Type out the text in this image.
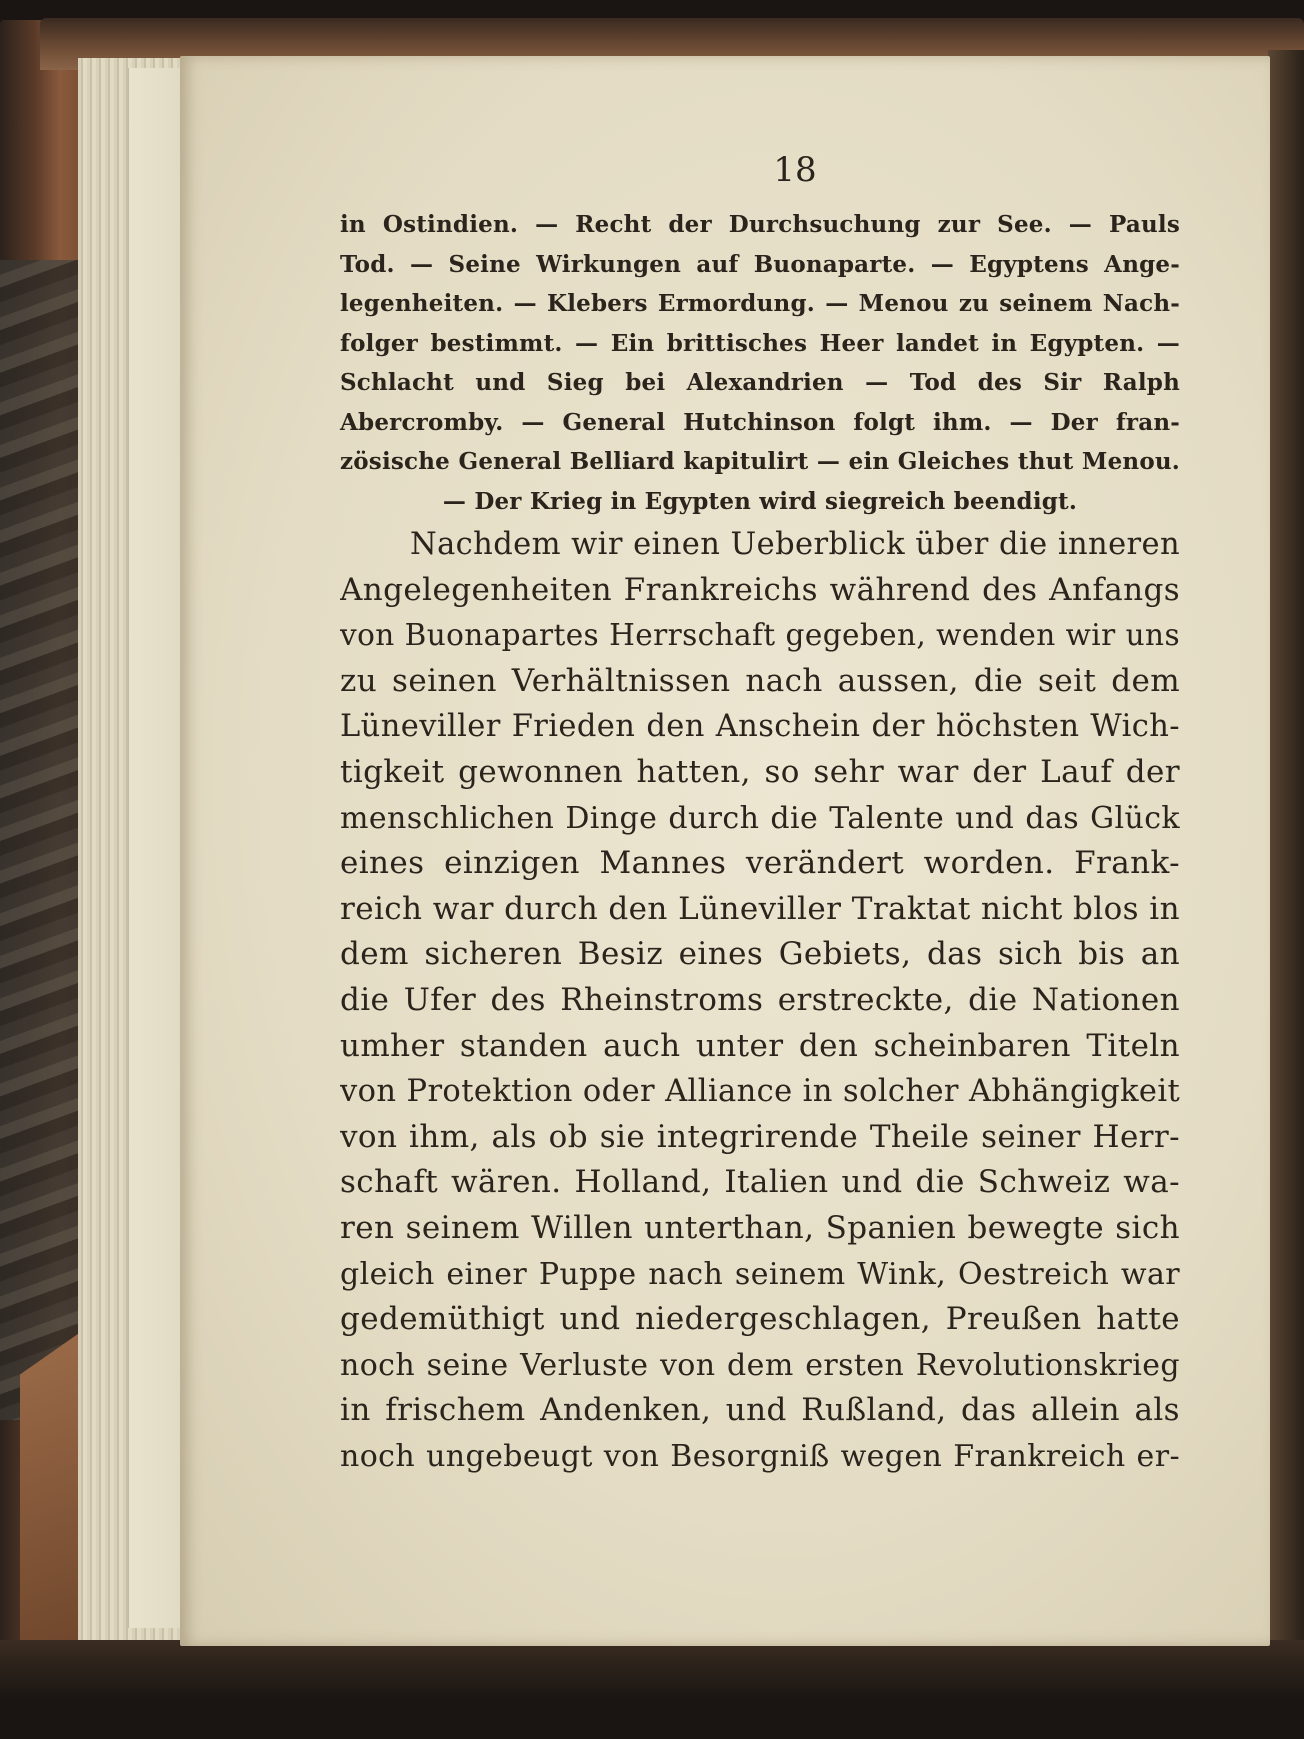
18
in Ostindien. — Recht der Durchsuchung zur See. — Pauls
Tod. — Seine Wirkungen auf Buonaparte. — Egyptens Ange-
legenheiten. — Klebers Ermordung. — Menou zu seinem Nach-
folger bestimmt. — Ein brittisches Heer landet in Egypten. —
Schlacht und Sieg bei Alexandrien — Tod des Sir Ralph
Abercromby. — General Hutchinson folgt ihm. — Der fran-
zösische General Belliard kapitulirt — ein Gleiches thut Menou.
— Der Krieg in Egypten wird siegreich beendigt.
Nachdem wir einen Ueberblick über die inneren
Angelegenheiten Frankreichs während des Anfangs
von Buonapartes Herrschaft gegeben, wenden wir uns
zu seinen Verhältnissen nach aussen, die seit dem
Lüneviller Frieden den Anschein der höchsten Wich-
tigkeit gewonnen hatten, so sehr war der Lauf der
menschlichen Dinge durch die Talente und das Glück
eines einzigen Mannes verändert worden. Frank-
reich war durch den Lüneviller Traktat nicht blos in
dem sicheren Besiz eines Gebiets, das sich bis an
die Ufer des Rheinstroms erstreckte, die Nationen
umher standen auch unter den scheinbaren Titeln
von Protektion oder Alliance in solcher Abhängigkeit
von ihm, als ob sie integrirende Theile seiner Herr-
schaft wären. Holland, Italien und die Schweiz wa-
ren seinem Willen unterthan, Spanien bewegte sich
gleich einer Puppe nach seinem Wink, Oestreich war
gedemüthigt und niedergeschlagen, Preußen hatte
noch seine Verluste von dem ersten Revolutionskrieg
in frischem Andenken, und Rußland, das allein als
noch ungebeugt von Besorgniß wegen Frankreich er-
